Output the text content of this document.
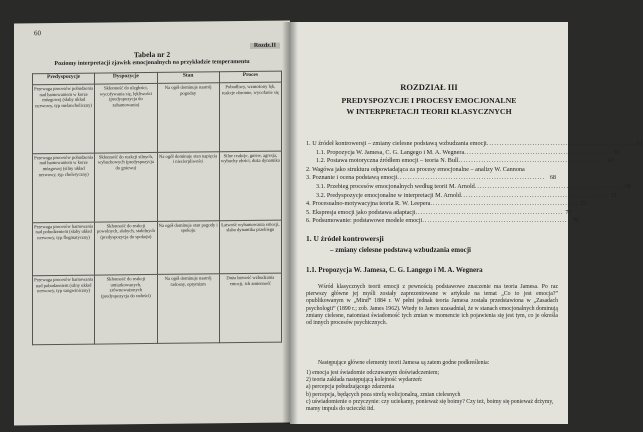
60
Rozdz.II
Tabela nr 2
Poziomy interpretacji zjawisk emocjonalnych na przykładzie temperamentu
Predyspozycje	Dyspozycje	Stan	Proces
Przewaga procesów pobudzenia nad hamowaniem w korze mózgowej (słaby układ nerwowy, typ melancholiczny)	Skłonność do uległości, wycofywania się, lękliwości (predyspozycja do zahamowania)	Na ogół dominuje nastrój pogodny	Pobudliwy, wzmożony lęk, reakcje obronne, wycofanie się
Przewaga procesów pobudzenia nad hamowaniem w korze mózgowej (silny układ nerwowy, typ choleryczny)	Skłonność do reakcji silnych, wybuchowych (predyspozycja do gniewu)	Na ogół dominuje stan napięcia i niecierpliwości	Silne reakcje, gniew, agresja, wybuchy złości, duża dynamika
Przewaga procesów hamowania nad pobudzeniem (słaby układ nerwowy, typ flegmatyczny)	Skłonność do reakcji powolnych, słabych, stabilnych (predyspozycja do spokoju)	Na ogół dominuje stan pogody i spokoju	Łatwość wyhamowania emocji, słaba dynamika przebiegu
Przewaga procesów hamowania nad pobudzeniem (silny układ nerwowy, typ sangwiniczny)	Skłonność do reakcji umiarkowanych, zrównoważonych (predyspozycja do radości)	Na ogół dominuje nastrój radosny, optymizm	Duża łatwość wzbudzania emocji, ich zmienność
ROZDZIAŁ III
PREDYSPOZYCJE I PROCESY EMOCJONALNE
W INTERPRETACJI TEORII KLASYCZNYCH
1. U źródeł kontrowersji – zmiany cielesne podstawą wzbudzania emocji .......................................................... 61
1.1. Propozycja W. Jamesa, C. G. Langego i M. A. Wegnera .......................................................... 61
1.2. Postawa motoryczna źródłem emocji – teoria N. Bull .......................................................... 63
2. Wagówa jako struktura odpowiadająca za procesy emocjonalne – analizy W. Cannona
3. Poznanie i ocena podstawą emocji .......................................................... 68
3.1. Przebieg procesów emocjonalnych według teorii M. Arnold .......................................................... 68
3.2. Predyspozycje emocjonalne w interpretacji M. Arnold .......................................................... 71
4. Procesualno-motywacyjna teoria R. W. Leepera .......................................................... 73
5. Ekspresja emocji jako podstawa adaptacji .......................................................... 77
6. Podsumowanie: podstawowe modele emocji .......................................................... 79
1. U źródeł kontrowersji
– zmiany cielesne podstawą wzbudzania emocji
1.1. Propozycja W. Jamesa, C. G. Langego i M. A. Wegnera
Wśród klasycznych teorii emocji z pewnością podstawowe znaczenie ma teoria Jamesa. Po raz pierwszy główne jej myśli zostały zaprezentowane w artykule na temat „Co to jest emocja?” opublikowanym w „Mind” 1884 r. W pełni jednak teoria Jamesa została przedstawiona w „Zasadach psychologii” (1890 r.; zob. James 1962). Wtedy to James uzasadniał, że w stanach emocjonalnych dominują zmiany cielesne, natomiast świadomość tych zmian w momencie ich pojawienia się jest tym, co je określa od innych procesów psychicznych.
Następujące główne elementy teorii Jamesa są zatem godne podkreślenia:
1) emocja jest świadomie odczuwanym doświadczeniem;
2) teoria zakłada następującą kolejność wydarzeń:
a) percepcja pobudzającego zdarzenia
b) percepcja, będących poza strefą wolicjonalną, zmian cielesnych
c) uświadomienie o przyczynie: czy uciekamy, ponieważ się boimy? Czy też, boimy się ponieważ drżymy, mamy impuls do ucieczki itd.
